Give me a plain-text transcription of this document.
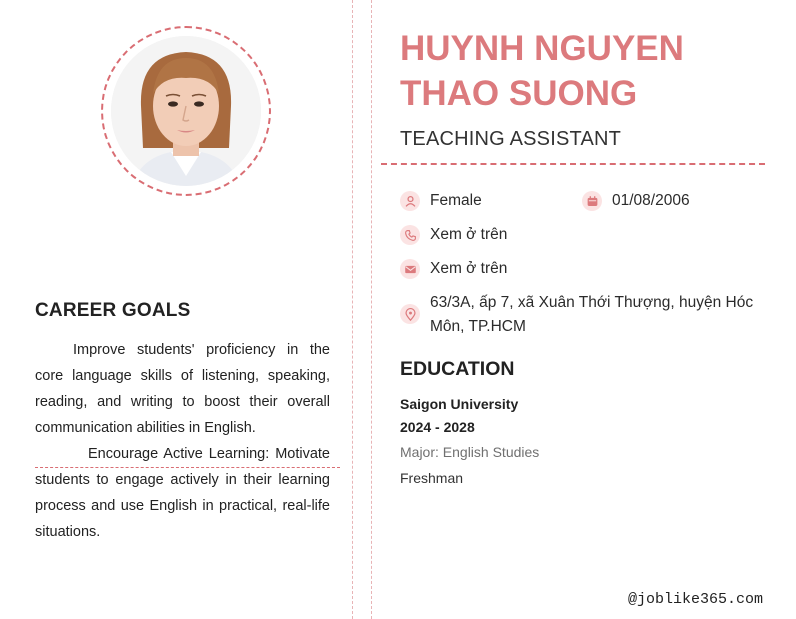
CAREER GOALS

Improve students' proficiency in the core language skills of listening, speaking, reading, and writing to boost their overall communication abilities in English.

Encourage Active Learning: Motivate students to engage actively in their learning process and use English in practical, real-life situations.

HUYNH NGUYEN
THAO SUONG
TEACHING ASSISTANT
Female	01/08/2006
Xem ở trên
Xem ở trên
63/3A, ấp 7, xã Xuân Thới Thượng, huyện Hóc Môn, TP.HCM
EDUCATION
Saigon University
2024 - 2028
Major: English Studies
Freshman
@joblike365.com
